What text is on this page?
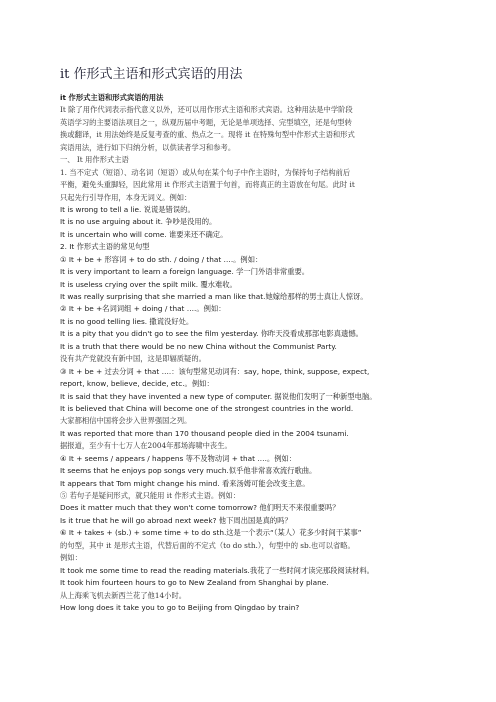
it 作形式主语和形式宾语的用法
it 作形式主语和形式宾语的用法
It 除了用作代词表示指代意义以外，还可以用作形式主语和形式宾语。这种用法是中学阶段
英语学习的主要语法项目之一，纵观历届中考题，无论是单项选择、完型填空，还是句型转
换或翻译，it 用法始终是反复考查的重、热点之一。现将 it 在特殊句型中作形式主语和形式
宾语用法，进行如下归纳分析，以供读者学习和参考。
一、 It 用作形式主语
1. 当不定式（短语）、动名词（短语）或从句在某个句子中作主语时，为保持句子结构前后
平衡，避免头重脚轻，因此常用 it 作形式主语置于句首，而将真正的主语放在句尾。此时 it
只起先行引导作用，本身无词义。例如：
It is wrong to tell a lie. 说谎是错误的。
It is no use arguing about it. 争吵是没用的。
It is uncertain who will come. 谁要来还不确定。
2. It 作形式主语的常见句型
① It + be + 形容词 + to do sth. / doing / that ….。例如：
It is very important to learn a foreign language. 学一门外语非常重要。
It is useless crying over the spilt milk. 覆水难收。
It was really surprising that she married a man like that.她嫁给那样的男士真让人惊讶。
② It + be +名词词组 + doing / that ….。例如：
It is no good telling lies. 撒谎没好处。
It is a pity that you didn't go to see the film yesterday. 你昨天没看成那部电影真遗憾。
It is a truth that there would be no new China without the Communist Party.
没有共产党就没有新中国，这是即辐质疑的。
③ It + be + 过去分词 + that ….：该句型常见动词有：say, hope, think, suppose, expect,
report, know, believe, decide, etc.。例如：
It is said that they have invented a new type of computer. 据说他们发明了一种新型电脑。
It is believed that China will become one of the strongest countries in the world.
大家都相信中国将会步入世界强国之列。
It was reported that more than 170 thousand people died in the 2004 tsunami.
据报道，至少有十七万人在2004年那场海啸中丧生。
④ It + seems / appears / happens 等不及物动词 + that ….。例如：
It seems that he enjoys pop songs very much.似乎他非常喜欢流行歌曲。
It appears that Tom might change his mind. 看来汤姆可能会改变主意。
⑤ 若句子是疑问形式，就只能用 it 作形式主语。例如：
Does it matter much that they won't come tomorrow? 他们明天不来很重要吗？
Is it true that he will go abroad next week? 他下周出国是真的吗？
⑥ It + takes + (sb.) + some time + to do sth.这是一个表示“（某人）花多少时间干某事”
的句型，其中 it 是形式主语，代替后面的不定式（to do sth.），句型中的 sb.也可以省略。
例如：
It took me some time to read the reading materials.我花了一些时间才读完那段阅读材料。
It took him fourteen hours to go to New Zealand from Shanghai by plane.
从上海乘飞机去新西兰花了他14小时。
How long does it take you to go to Beijing from Qingdao by train?
